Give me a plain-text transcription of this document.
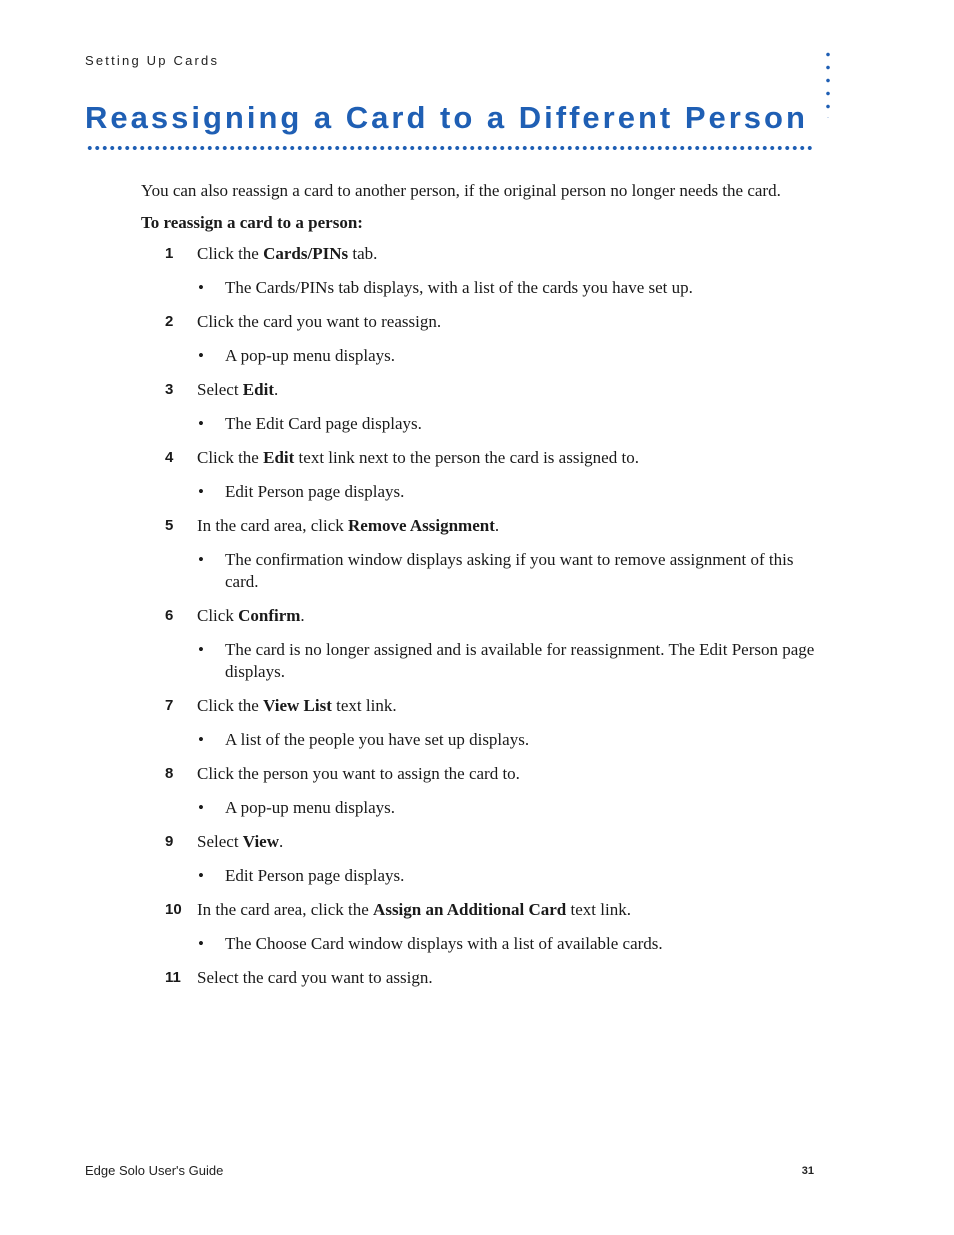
Setting Up Cards
Reassigning a Card to a Different Person

You can also reassign a card to another person, if the original person no longer needs the card.

To reassign a card to a person:

1 Click the Cards/PINs tab.
• The Cards/PINs tab displays, with a list of the cards you have set up.
2 Click the card you want to reassign.
• A pop-up menu displays.
3 Select Edit.
• The Edit Card page displays.
4 Click the Edit text link next to the person the card is assigned to.
• Edit Person page displays.
5 In the card area, click Remove Assignment.
• The confirmation window displays asking if you want to remove assignment of this card.
6 Click Confirm.
• The card is no longer assigned and is available for reassignment. The Edit Person page displays.
7 Click the View List text link.
• A list of the people you have set up displays.
8 Click the person you want to assign the card to.
• A pop-up menu displays.
9 Select View.
• Edit Person page displays.
10 In the card area, click the Assign an Additional Card text link.
• The Choose Card window displays with a list of available cards.
11 Select the card you want to assign.
Edge Solo User's Guide	31
